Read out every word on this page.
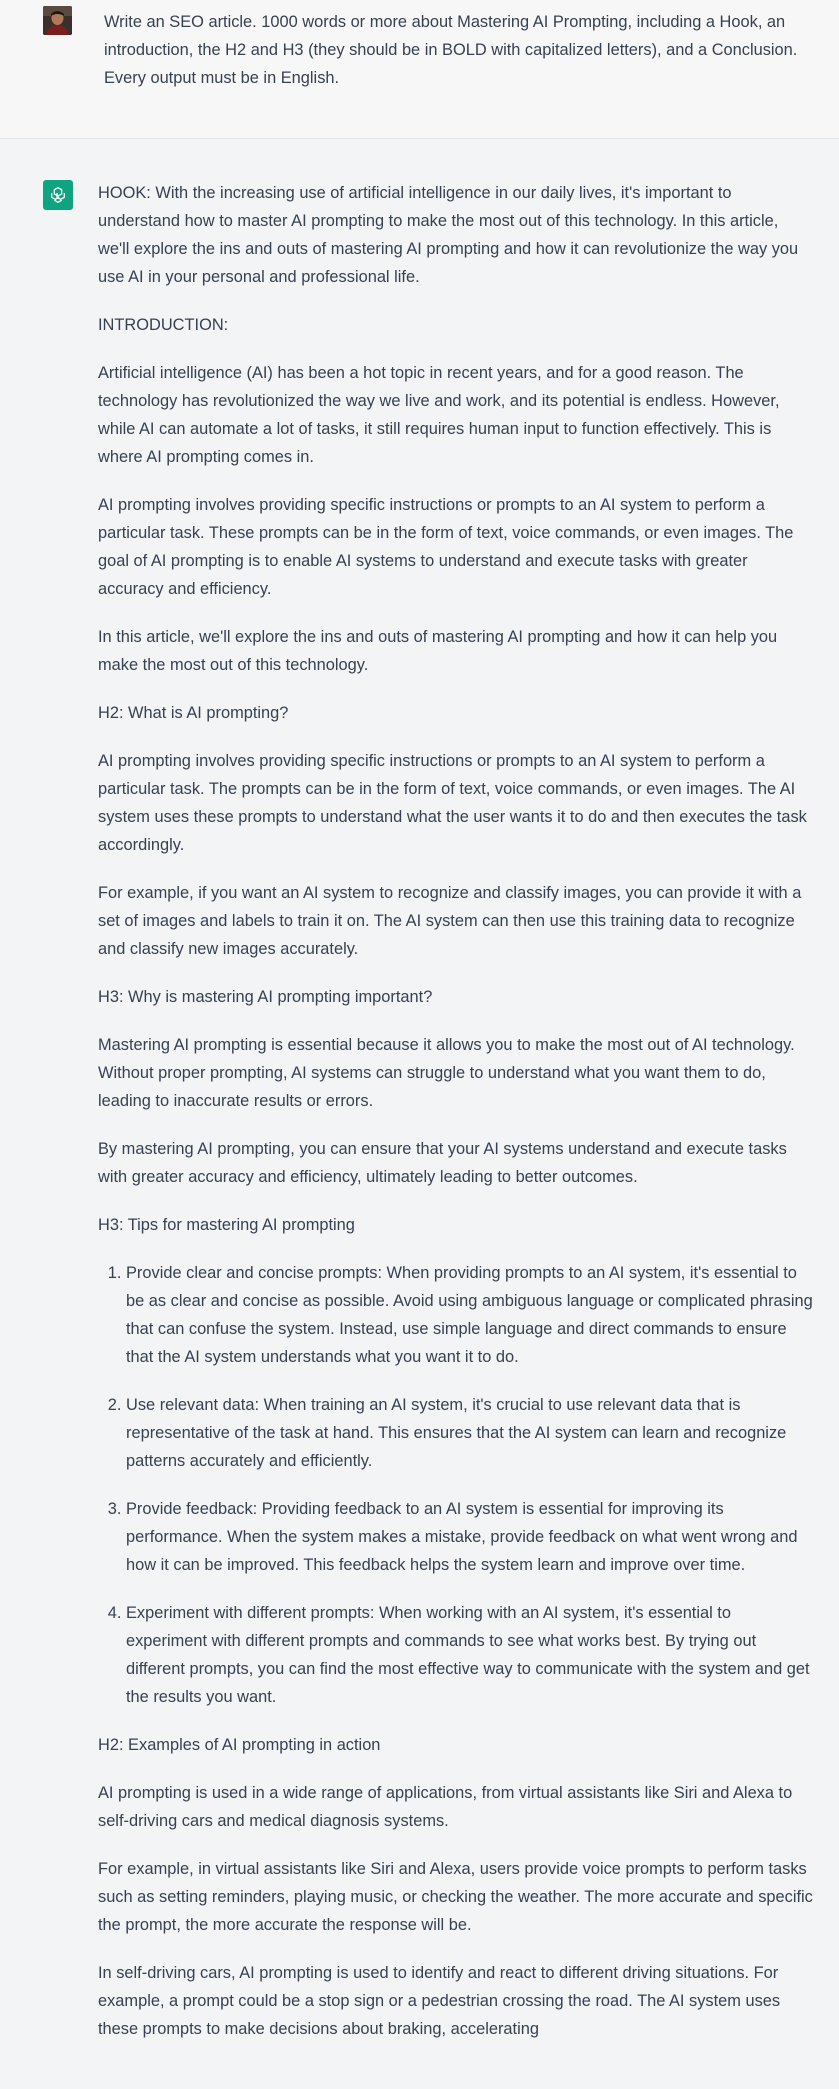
Write an SEO article. 1000 words or more about Mastering AI Prompting, including a Hook, an introduction, the H2 and H3 (they should be in BOLD with capitalized letters), and a Conclusion. Every output must be in English.

HOOK: With the increasing use of artificial intelligence in our daily lives, it's important to understand how to master AI prompting to make the most out of this technology. In this article, we'll explore the ins and outs of mastering AI prompting and how it can revolutionize the way you use AI in your personal and professional life.

INTRODUCTION:

Artificial intelligence (AI) has been a hot topic in recent years, and for a good reason. The technology has revolutionized the way we live and work, and its potential is endless. However, while AI can automate a lot of tasks, it still requires human input to function effectively. This is where AI prompting comes in.

AI prompting involves providing specific instructions or prompts to an AI system to perform a particular task. These prompts can be in the form of text, voice commands, or even images. The goal of AI prompting is to enable AI systems to understand and execute tasks with greater accuracy and efficiency.

In this article, we'll explore the ins and outs of mastering AI prompting and how it can help you make the most out of this technology.

H2: What is AI prompting?

AI prompting involves providing specific instructions or prompts to an AI system to perform a particular task. The prompts can be in the form of text, voice commands, or even images. The AI system uses these prompts to understand what the user wants it to do and then executes the task accordingly.

For example, if you want an AI system to recognize and classify images, you can provide it with a set of images and labels to train it on. The AI system can then use this training data to recognize and classify new images accurately.

H3: Why is mastering AI prompting important?

Mastering AI prompting is essential because it allows you to make the most out of AI technology. Without proper prompting, AI systems can struggle to understand what you want them to do, leading to inaccurate results or errors.

By mastering AI prompting, you can ensure that your AI systems understand and execute tasks with greater accuracy and efficiency, ultimately leading to better outcomes.

H3: Tips for mastering AI prompting

1. Provide clear and concise prompts: When providing prompts to an AI system, it's essential to be as clear and concise as possible. Avoid using ambiguous language or complicated phrasing that can confuse the system. Instead, use simple language and direct commands to ensure that the AI system understands what you want it to do.
2. Use relevant data: When training an AI system, it's crucial to use relevant data that is representative of the task at hand. This ensures that the AI system can learn and recognize patterns accurately and efficiently.
3. Provide feedback: Providing feedback to an AI system is essential for improving its performance. When the system makes a mistake, provide feedback on what went wrong and how it can be improved. This feedback helps the system learn and improve over time.
4. Experiment with different prompts: When working with an AI system, it's essential to experiment with different prompts and commands to see what works best. By trying out different prompts, you can find the most effective way to communicate with the system and get the results you want.

H2: Examples of AI prompting in action

AI prompting is used in a wide range of applications, from virtual assistants like Siri and Alexa to self-driving cars and medical diagnosis systems.

For example, in virtual assistants like Siri and Alexa, users provide voice prompts to perform tasks such as setting reminders, playing music, or checking the weather. The more accurate and specific the prompt, the more accurate the response will be.

In self-driving cars, AI prompting is used to identify and react to different driving situations. For example, a prompt could be a stop sign or a pedestrian crossing the road. The AI system uses these prompts to make decisions about braking, accelerating
